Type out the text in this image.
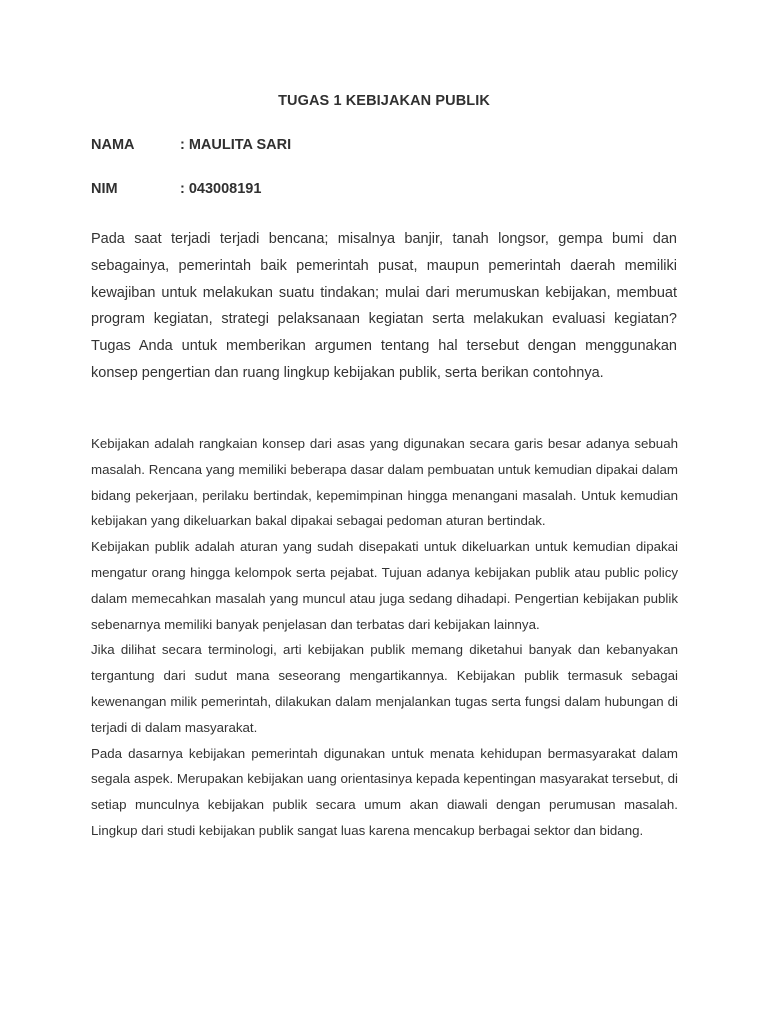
TUGAS 1 KEBIJAKAN PUBLIK
NAMA	: MAULITA SARI
NIM	: 043008191
Pada saat terjadi terjadi bencana; misalnya banjir, tanah longsor, gempa bumi dan sebagainya, pemerintah baik pemerintah pusat, maupun pemerintah daerah memiliki kewajiban untuk melakukan suatu tindakan; mulai dari merumuskan kebijakan, membuat program kegiatan, strategi pelaksanaan kegiatan serta melakukan evaluasi kegiatan? Tugas Anda untuk memberikan argumen tentang hal tersebut dengan menggunakan konsep pengertian dan ruang lingkup kebijakan publik, serta berikan contohnya.

Kebijakan adalah rangkaian konsep dari asas yang digunakan secara garis besar adanya sebuah masalah. Rencana yang memiliki beberapa dasar dalam pembuatan untuk kemudian dipakai dalam bidang pekerjaan, perilaku bertindak, kepemimpinan hingga menangani masalah. Untuk kemudian kebijakan yang dikeluarkan bakal dipakai sebagai pedoman aturan bertindak.

Kebijakan publik adalah aturan yang sudah disepakati untuk dikeluarkan untuk kemudian dipakai mengatur orang hingga kelompok serta pejabat. Tujuan adanya kebijakan publik atau public policy dalam memecahkan masalah yang muncul atau juga sedang dihadapi. Pengertian kebijakan publik sebenarnya memiliki banyak penjelasan dan terbatas dari kebijakan lainnya.

Jika dilihat secara terminologi, arti kebijakan publik memang diketahui banyak dan kebanyakan tergantung dari sudut mana seseorang mengartikannya. Kebijakan publik termasuk sebagai kewenangan milik pemerintah, dilakukan dalam menjalankan tugas serta fungsi dalam hubungan di terjadi di dalam masyarakat.

Pada dasarnya kebijakan pemerintah digunakan untuk menata kehidupan bermasyarakat dalam segala aspek. Merupakan kebijakan uang orientasinya kepada kepentingan masyarakat tersebut, di setiap munculnya kebijakan publik secara umum akan diawali dengan perumusan masalah. Lingkup dari studi kebijakan publik sangat luas karena mencakup berbagai sektor dan bidang.
